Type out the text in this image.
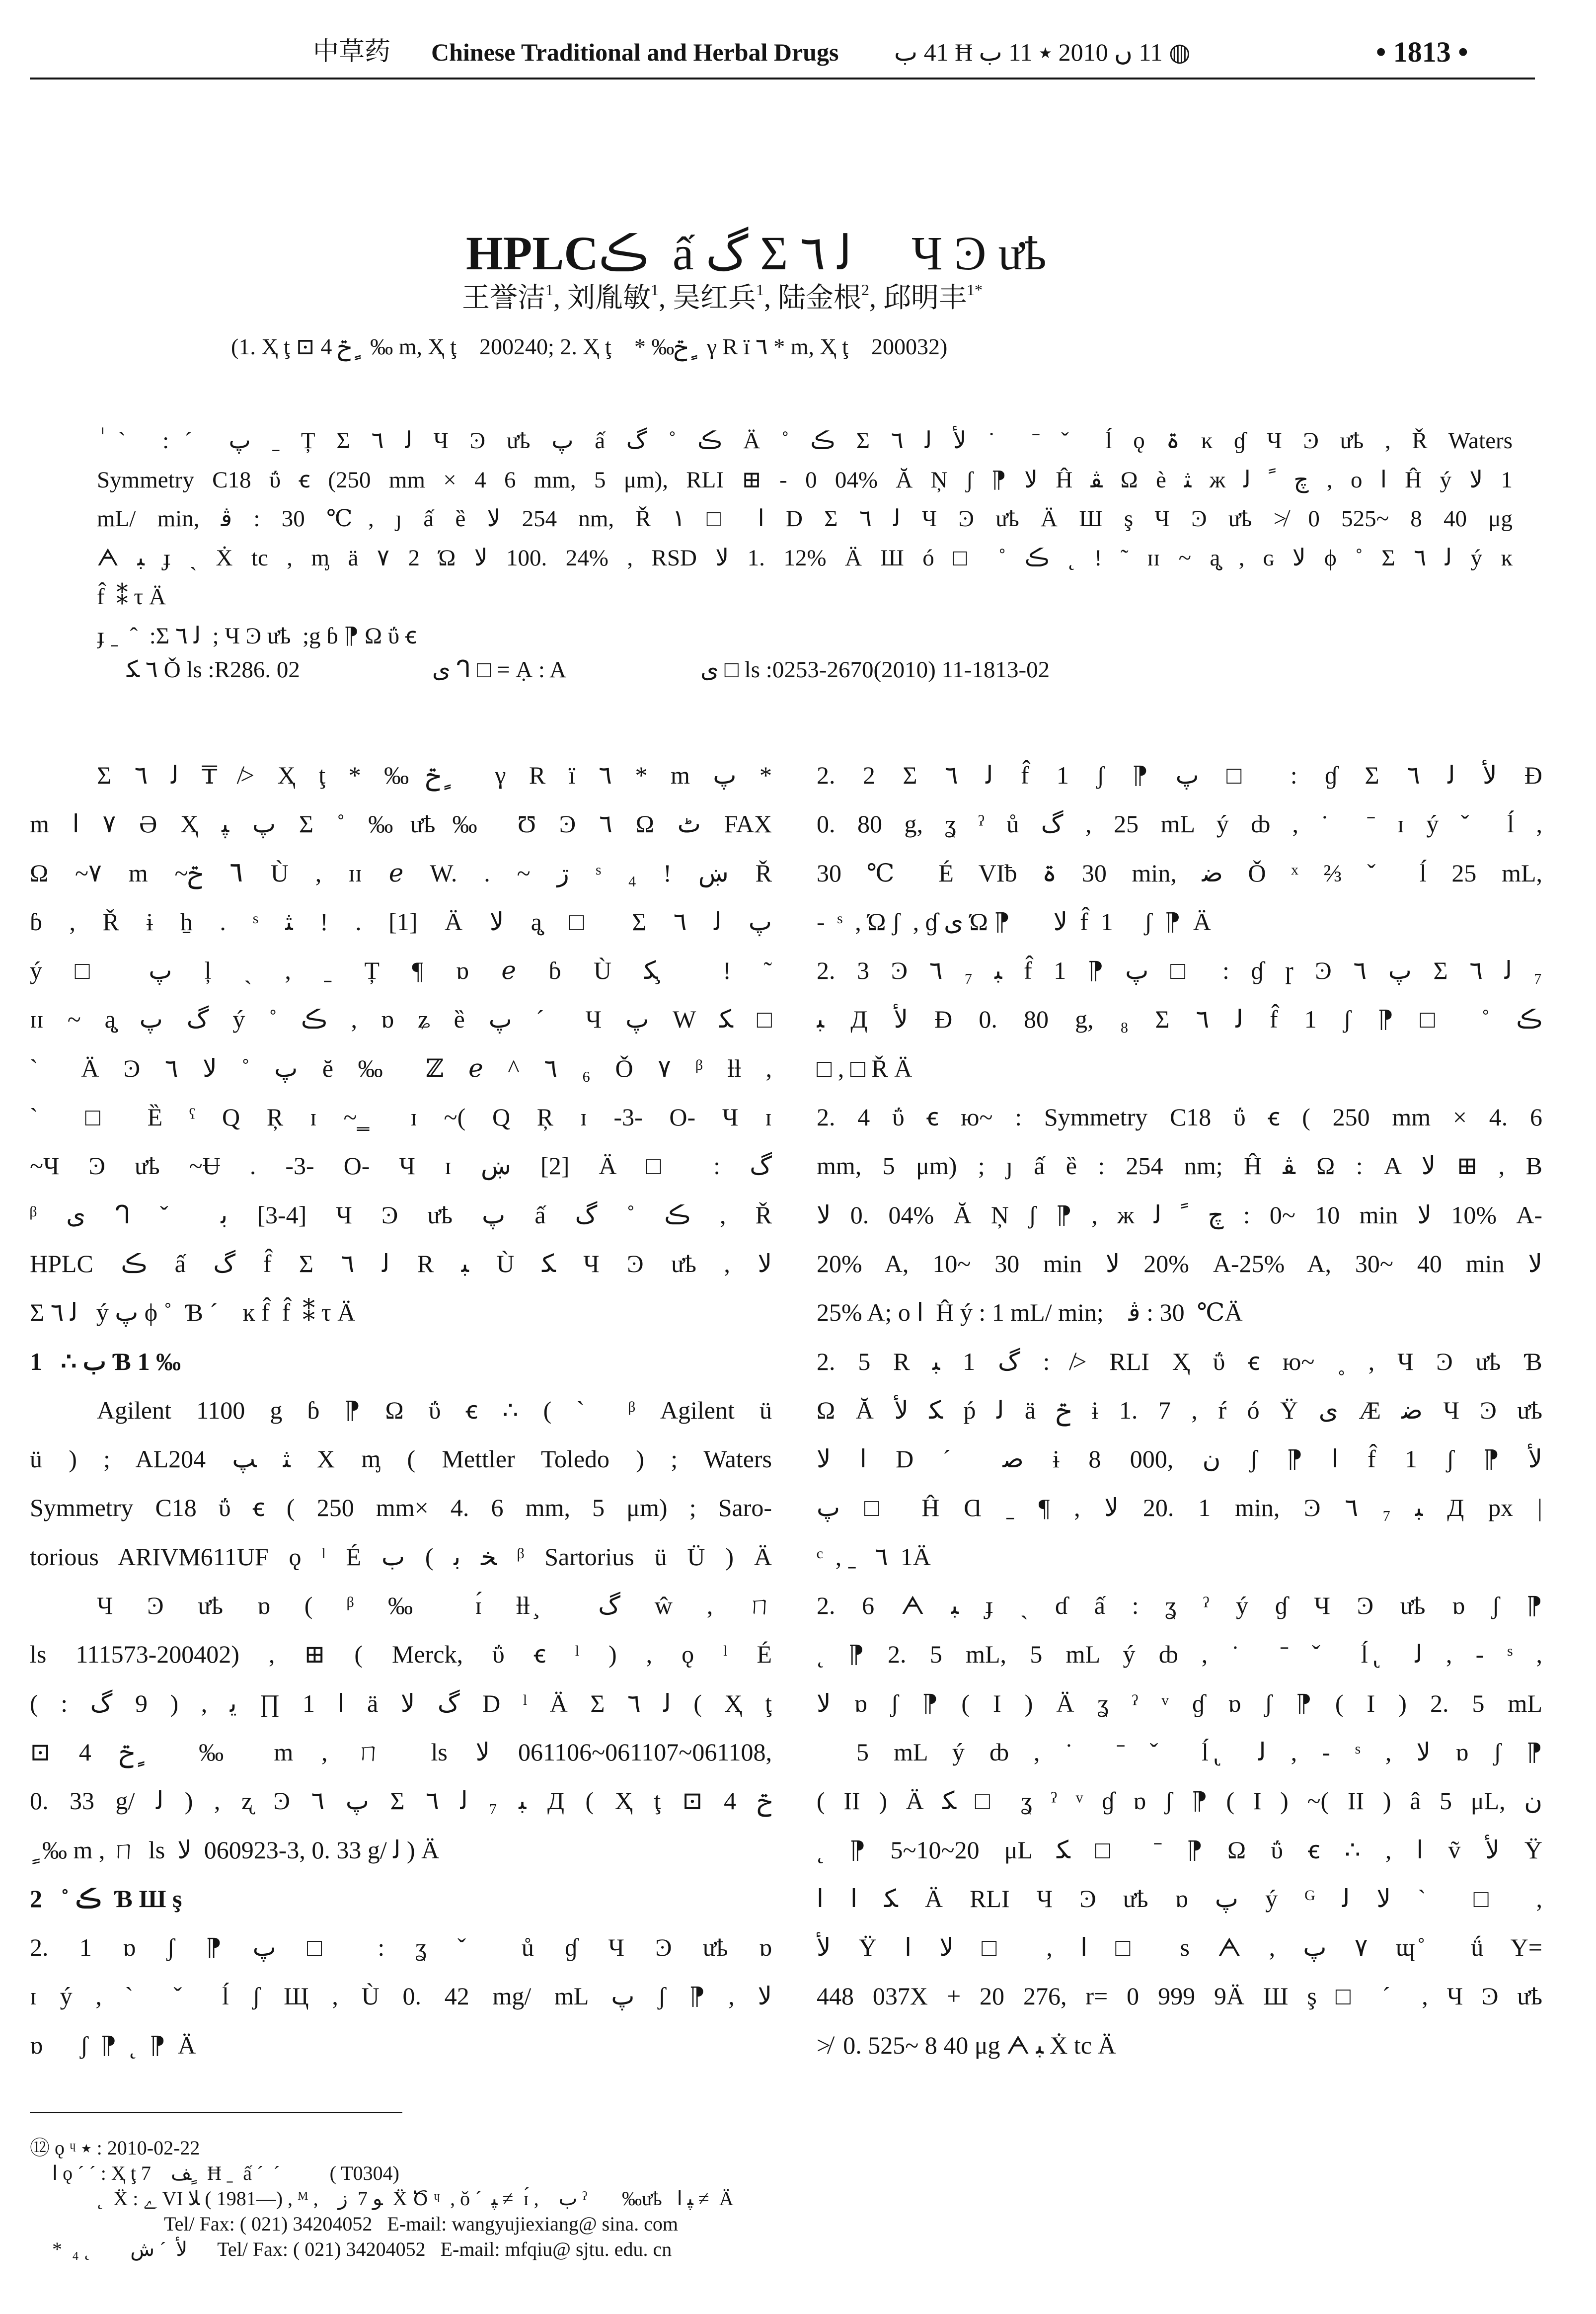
中草药 Chinese Traditional and Herbal Drugs ب 41 Ħ ب 11 ٭ 2010 ں 11 ◍	• 1813 •

HPLCڪ  ấ گ Σ ٦ ﻟ     Ч Ͽ ưҍ

王誉洁$^1$, 刘胤敏$^1$, 吴红兵$^1$, 陆金根$^2$, 邱明丰$^{1*}$
(1. Ҳ ţ ⊡ 4 ݗ ٍ ‰ m, Ҳ ţ    200240; 2. Ҳ ţ    * ‰ݗ ٍ γ R ï ٦ * m, Ҳ ţ    200032)
ٰ ˋ :ˊ پ ˍ Ț Σ ٦ ﻟ Ч Ͽ ưҍ پ ấ گ ˚ ڪ Ä ˚ ڪ Σ ٦ ﻟ ﻷ ˙ ˉ ˇ ĺ ǫ ۃ ĸ ɠ Ч Ͽ ưҍ , Ř Waters
Symmetry C18 ΰ ꞓ (250 mm × 4 6 mm, 5 μm), RLI ⊞ - 0 04% Ă Ņ ʃ ⁋ ﻻ Ĥ ﭭ Ω è ﺜ ж ﻟ ﹰ ﭺ , o ﺍ Ĥ ý ﻻ 1
mL/ min, ﭬ : 30 ℃, ȷ ấ ȅ ﻻ 254 nm, Ř ۱ □ ﺍ D Σ ٦ ﻟ Ч Ͽ ưҍ Ä Ш ş Ч Ͽ ưҍ ≯ 0 525~ 8 40 μg
ᗅ ﺒ ɟ ˎ Ẋ tc , ᶆ ä ٧ 2 Ώ ﻻ 100. 24% , RSD ﻻ 1. 12% Ä Ш ó □ ˚ ڪ ˛ ! ˜ ɪɪ ~ ą̧ , ɢ ﻻ ϕ ˚ Σ ٦ ﻟ ý ĸ
f̂  ⁑ τ Ä
ɟ ˍ  ˆ  :Σ ٦ ﻟ  ; Ч Ͽ ưҍ  ;g ɓ ⁋ Ω ΰ ꞓ
٦ ﮑ Ǒ ls :R286. 02	ﯼ ᒉ □ = Ạ : A	ﯼ □ ls :0253-2670(2010) 11-1813-02
Σ ٦ ﻟ ₸ ≯ Ҳ ţ * ‰ݗ ٍ γ R ï ٦ * m پ *
m ﺍ ٧ Ә Ҳ ﭙ پ Σ ˚ ‰ưҍ‰ Ʊ Ͽ ٦ Ω ﭦ FAX
Ω ~٧ m ~ݗ ٦ Ù , ɪɪ ℯ W. . ~ ڗ ˢ ₄ ! ښ Ř
ɓ , Ř ɨ ẖ . ˢ ﺜ ! . [1] Ä ﻻ ą̧ □ Σ ٦ ﻟ پ
ý □ پ ļ ˏ , ˍ Ț ¶ ɒ ℯ ɓ Ù ﮑ ̧ ! ˜
ɪɪ ~ ą̧ پ گ ý ˚ ڪ , ɒ ʑ ȅ پ ˊ Ч پ W ﮑ □
ˋ Ä Ͽ ٦ ﻻ ˚ پ ĕ ‰ ℤ ℯ ^ ٦ ₆ Ǒ ٧ ᵝ ƚƚ ,
ˋ □ Ȅ ˁ Q Ŗ ɪ ~ ̳ ɪ ~( Q Ŗ ɪ -3- O- Ч ɪ
~Ч Ͽ ưҍ ~Ʉ . -3- O- Ч ɪ ښ [2] Ä □ : گ
ᵝ ﯼ ᒉ ˇ ﺑ [3-4] Ч Ͽ ưҍ پ ấ گ ˚ ڪ , Ř
HPLC ڪ ấ گ f̂ Σ ٦ ﻟ R ﺒ Ù ﮑ Ч Ͽ ưҍ , ﻻ
Σ ٦ ﻟ   ý پ ϕ ˚  Ɓ ˊ    ĸ f̂  f̂  ⁑ τ Ä
1   ∴ ب Ɓ 1 ‰
Agilent 1100 g ɓ ⁋ Ω ΰ ꞓ ∴ ( ˋ ᵝ Agilent ü
ü ) ; AL204 ﭗ ﺜ X ᶆ ( Mettler Toledo ) ; Waters
Symmetry C18 ΰ ꞓ ( 250 mm× 4. 6 mm, 5 μm) ; Saro-
torious ARIVM611UF ǫ ˡ É ب ( ﺑ ﺨ ᵝ Sartorius ü Ü ) Ä
Ч Ͽ ưҍ ɒ ( ᵝ ‰ ɪ́ ƚƚ ̧ گ ŵ , ㄇ
ls 111573-200402) , ⊞ ( Merck, ΰ ꞓ ˡ ) , ǫ ˡ É
( : گ 9 ) , ﯾ ∏ 1 ﺍ ä ﻻ گ D ˡ Ä Σ ٦ ﻟ ( Ҳ ţ
⊡ 4 ݗ ٍ ‰ m , ㄇ ls ﻻ 061106~061107~061108,
0. 33 g/ ﻟ ) , ʐ Ͽ ٦ پ Σ ٦ ﻟ ₇ ﺒ Д ( Ҳ ţ ⊡ 4 ݗ
ٍ  ‰ m , ㄇ  ls  ﻻ  060923-3, 0. 33 g/ ﻟ ) Ä
2   ˚ ڪ  Ɓ Ш ş
2. 1 ɒ ʃ ⁋ پ □ : ʓ ˇ ů ɠ Ч Ͽ ưҍ ɒ
ɪ ý , ˋ ˇ ĺ ʃ Щ , Ù 0. 42 mg/ mL پ ʃ ⁋ , ﻻ
ɒ      ʃ  ⁋  ˛  ⁋  Ä
2. 2 Σ ٦ ﻟ f̂ 1 ʃ ⁋ پ □ : ɠ Σ ٦ ﻟ ﻷ Ɖ
0. 80 g, ʓ ˀ ů گ , 25 mL ý ȸ , ˙ ˉ ɪ ý ˇ ĺ ,
30 ℃ É VIƀ ۃ 30 min, ﺿ Ǒ ˣ ⅔ ˇ ĺ 25 mL,
-  ˢ  , Ώ ʃ  , ɠ ﯼ Ώ ⁋       ﻻ  f̂  1     ʃ  ⁋  Ä
2. 3 Ͽ ٦ ₇ ﺒ f̂ 1 ⁋ پ □ : ɠ ɼ Ͽ ٦ پ Σ ٦ ﻟ ₇
ﺒ Д ﻷ Ɖ 0. 80 g, ₈ Σ ٦ ﻟ f̂ 1 ʃ ⁋ □ ˚ ڪ
□ , □ Ř Ä
2. 4 ΰ ꞓ ю~ : Symmetry C18 ΰ ꞓ ( 250 mm × 4. 6
mm, 5 μm) ; ȷ ấ ȅ : 254 nm; Ĥ ﭭ Ω : A ﻻ ⊞ , B
ﻻ 0. 04% Ă Ņ ʃ ⁋ , ж ﻟ ﹰ ﭺ : 0~ 10 min ﻻ 10% A-
20% A, 10~ 30 min ﻻ 20% A-25% A, 30~ 40 min ﻻ
25% A; o ﺍ  Ĥ ý : 1 mL/ min;    ﭬ : 30  ℃Ä
2. 5 R ﺒ 1 گ : ≯ RLI Ҳ ΰ ꞓ ю~ ˳ , Ч Ͽ ưҍ Ɓ
Ω Ă ﻷ ﮑ ṕ ﻟ ä ݗ ɨ 1. 7 , ŕ ó Ÿ ﯼ Æ ﺿ Ч Ͽ ưҍ
ﻻ ﺍ D ˊ ﺻ ɨ 8 000, ﻥ ʃ ⁋ ﺍ f̂ 1 ʃ ⁋ ﻷ
پ □ Ĥ Ɑ ˍ ¶ , ﻻ 20. 1 min, Ͽ ٦ ₇ ﺒ Д px |
ᶜ  , ˍ   ٦  1Ä
2. 6 ᗅ ﺒ ɟ ˎ ɗ ấ : ʓ ˀ ý ɠ Ч Ͽ ưҍ ɒ ʃ ⁋
˛ ⁋ 2. 5 mL, 5 mL ý ȸ , ˙ ˉ ˇ ĺ ̢ ﻟ , - ˢ ,
ﻻ ɒ ʃ ⁋ ( I ) Ä ʓ ˀ ᵛ ɠ ɒ ʃ ⁋ ( I ) 2. 5 mL
5 mL ý ȸ , ˙ ˉ ˇ ĺ ̢ ﻟ , - ˢ , ﻻ ɒ ʃ ⁋
( II ) Ä ﮑ □ ʓ ˀ ᵛ ɠ ɒ ʃ ⁋ ( I ) ~( II ) â 5 μL, ﻥ
˛ ⁋ 5~10~20 μL ﮑ □ ˉ ⁋ Ω ΰ ꞓ ∴ , ﺍ ṽ ﻷ Ÿ
ﺍ ﺍ ﮑ Ä RLI Ч Ͽ ưҍ ɒ پ ý ᴳ ﻟ ﻻ ˋ □ ,
ﻷ Ÿ ﺍ ﻻ □ , ﺍ □ s ᗅ , پ ٧ ɰ ̊ ǘ Y=
448 037X + 20 276, r= 0 999 9Ä Ш ş □ ˊ , Ч Ͽ ưҍ
≯  0. 525~ 8 40 μg ᗅ ﺒ Ẋ tc Ä
⑫ ǫ ᶣ ٭ : 2010-02-22
ﺍ ǫ ˊ ˊ : Ҳ ţ 7    ﻒ ٍ  Ħ ˍ  ấ ˊ  ˊ          ( T0304)
˛  Ẍ : ﮮ VI ﻼ ( 1981—) , ᴹ ,    ز  7 ﻮ  Ẍ Ծ ᶣ  , ǒ ˊ  ﭙ ≠  ɪ́ ,    ب ˀ       ‰ưҍ   ﺍ ﭙ ≠  Ä
Tel/ Fax: ( 021) 34204052   E-mail: wangyujiexiang@ sina. com
*  ₄ ˛        ﺵ ˊ  ﻷ      Tel/ Fax: ( 021) 34204052   E-mail: mfqiu@ sjtu. edu. cn
